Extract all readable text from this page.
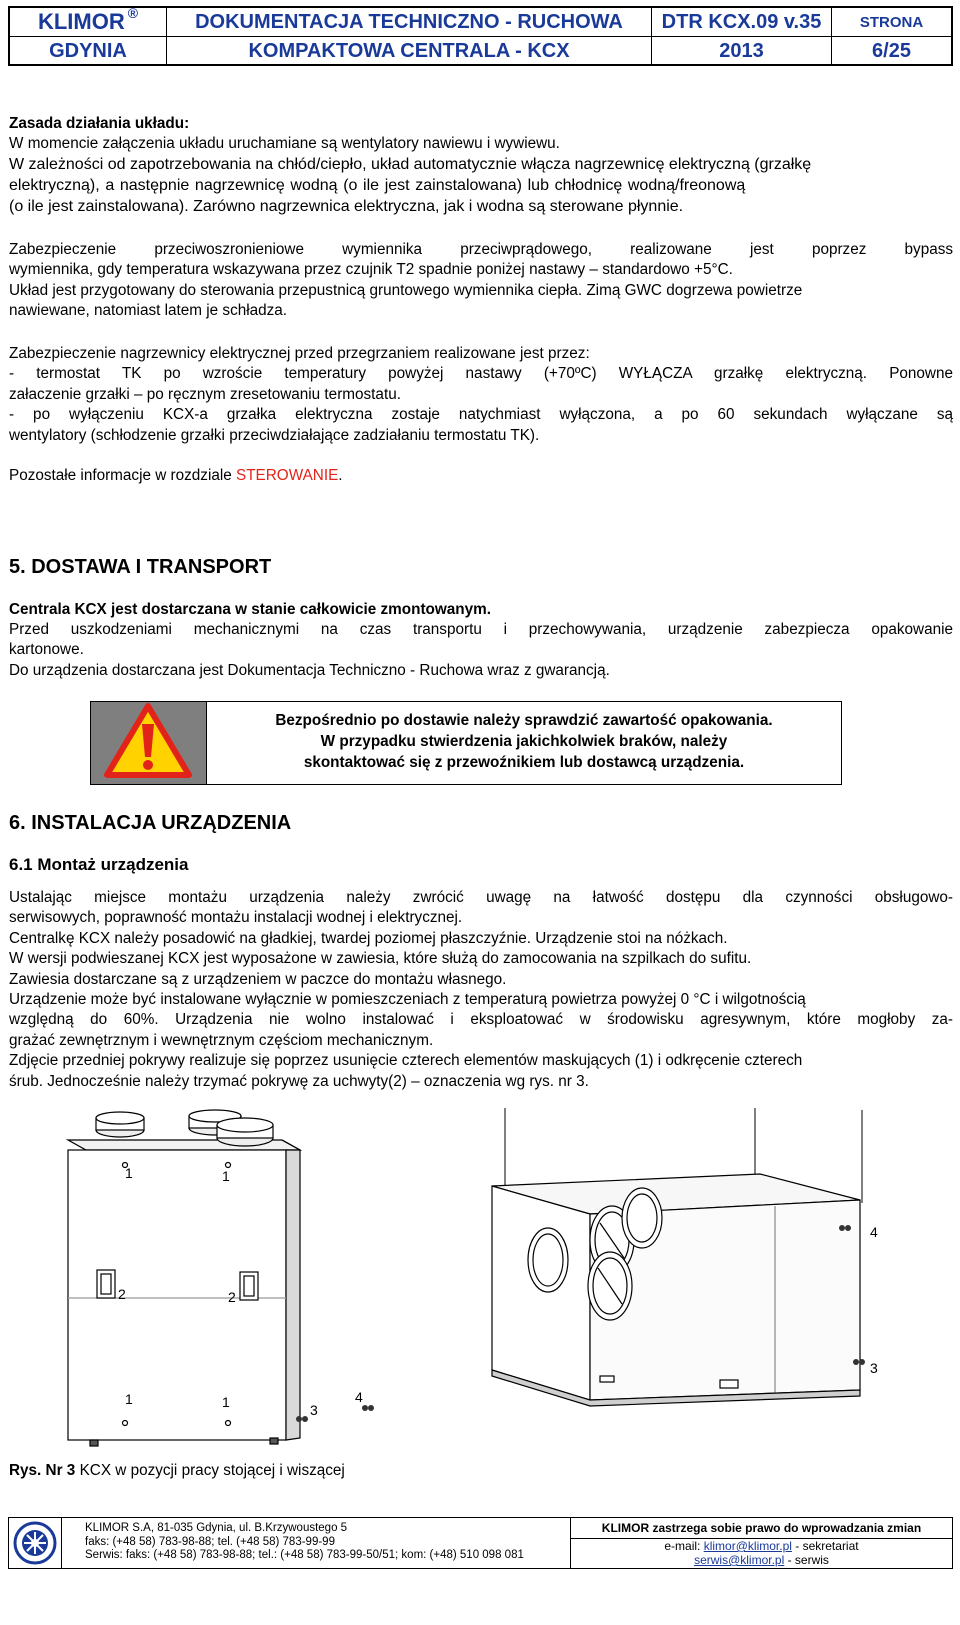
KLIMOR ®	DOKUMENTACJA TECHNICZNO - RUCHOWA	DTR KCX.09 v.35	STRONA
GDYNIA	KOMPAKTOWA CENTRALA - KCX	2013	6/25
Zasada działania układu:
W momencie załączenia układu uruchamiane są wentylatory nawiewu i wywiewu.
W zależności od zapotrzebowania na chłód/ciepło, układ automatycznie włącza nagrzewnicę elektryczną (grzałkę
elektryczną), a następnie nagrzewnicę wodną (o ile jest zainstalowana) lub chłodnicę wodną/freonową
(o ile jest zainstalowana). Zarówno nagrzewnica elektryczna, jak i wodna są sterowane płynnie.
Zabezpieczenie przeciwoszronieniowe wymiennika przeciwprądowego, realizowane jest poprzez bypass
wymiennika, gdy temperatura wskazywana przez czujnik T2 spadnie poniżej nastawy – standardowo +5°C.
Układ jest przygotowany do sterowania przepustnicą gruntowego wymiennika ciepła. Zimą GWC dogrzewa powietrze
nawiewane, natomiast latem je schładza.
Zabezpieczenie nagrzewnicy elektrycznej przed przegrzaniem realizowane jest przez:
- termostat TK po wzroście temperatury powyżej nastawy (+70ºC) WYŁĄCZA grzałkę elektryczną. Ponowne
załaczenie grzałki – po ręcznym zresetowaniu termostatu.
- po wyłączeniu KCX-a grzałka elektryczna zostaje natychmiast wyłączona, a po 60 sekundach wyłączane są
wentylatory (schłodzenie grzałki przeciwdziałające zadziałaniu termostatu TK).
Pozostałe informacje w rozdziale STEROWANIE.
5. DOSTAWA I TRANSPORT
Centrala KCX jest dostarczana w stanie całkowicie zmontowanym.
Przed uszkodzeniami mechanicznymi na czas transportu i przechowywania, urządzenie zabezpiecza opakowanie
kartonowe.
Do urządzenia dostarczana jest Dokumentacja Techniczno - Ruchowa wraz z gwarancją.
Bezpośrednio po dostawie należy sprawdzić zawartość opakowania.
W przypadku stwierdzenia jakichkolwiek braków, należy
skontaktować się z przewoźnikiem lub dostawcą urządzenia.
6. INSTALACJA URZĄDZENIA
6.1 Montaż urządzenia
Ustalając miejsce montażu urządzenia należy zwrócić uwagę na łatwość dostępu dla czynności obsługowo-
serwisowych, poprawność montażu instalacji wodnej i elektrycznej.
Centralkę KCX należy posadowić na gładkiej, twardej poziomej płaszczyźnie. Urządzenie stoi na nóżkach.
W wersji podwieszanej KCX jest wyposażone w zawiesia, które służą do zamocowania na szpilkach do sufitu.
Zawiesia dostarczane są z urządzeniem w paczce do montażu własnego.
Urządzenie może być instalowane wyłącznie w pomieszczeniach z temperaturą powietrza powyżej 0 °C i wilgotnością
względną do 60%. Urządzenia nie wolno instalować i eksploatować w środowisku agresywnym, które mogłoby za-
grażać zewnętrznym i wewnętrznym częściom mechanicznym.
Zdjęcie przedniej pokrywy realizuje się poprzez usunięcie czterech elementów maskujących (1) i odkręcenie czterech
śrub. Jednocześnie należy trzymać pokrywę za uchwyty(2) – oznaczenia wg rys. nr 3.
1	1
2	2
1	1	3
4
4
3
Rys. Nr 3 KCX w pozycji pracy stojącej i wiszącej
KLIMOR S.A, 81-035 Gdynia, ul. B.Krzywoustego 5
faks: (+48 58) 783-98-88; tel. (+48 58) 783-99-99
Serwis: faks: (+48 58) 783-98-88; tel.: (+48 58) 783-99-50/51; kom: (+48) 510 098 081
KLIMOR zastrzega sobie prawo do wprowadzania zmian
e-mail: klimor@klimor.pl - sekretariat
serwis@klimor.pl - serwis
